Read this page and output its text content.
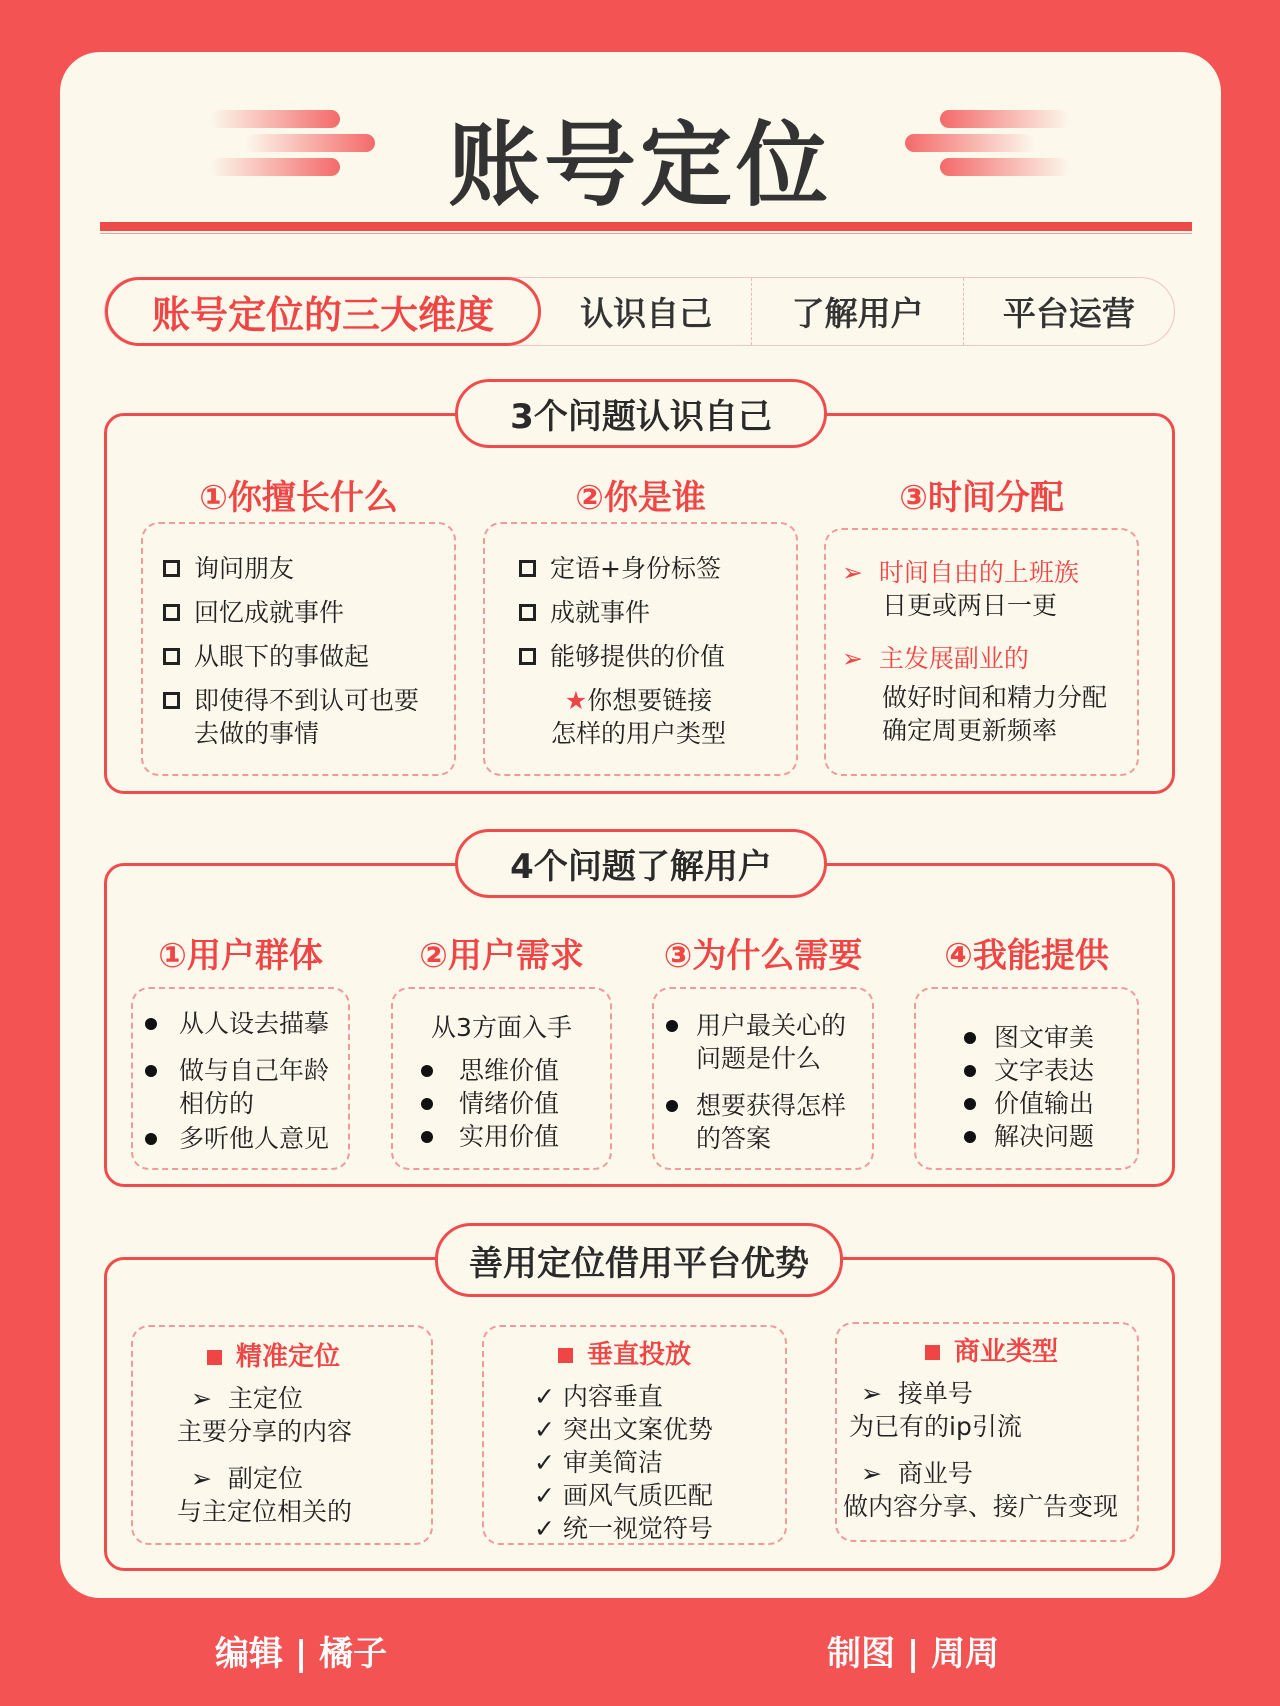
账号定位
账号定位的三大维度	认识自己	了解用户	平台运营
3个问题认识自己
①你擅长什么	②你是谁	③时间分配
询问朋友
回忆成就事件
从眼下的事做起
即使得不到认可也要去做的事情
定语+身份标签
成就事件
能够提供的价值
★你想要链接
怎样的用户类型
➢ 时间自由的上班族
日更或两日一更
➢ 主发展副业的
做好时间和精力分配
确定周更新频率
4个问题了解用户
①用户群体	②用户需求	③为什么需要	④我能提供
从人设去描摹
做与自己年龄相仿的
多听他人意见
从3方面入手
思维价值
情绪价值
实用价值
用户最关心的问题是什么
想要获得怎样的答案
图文审美
文字表达
价值输出
解决问题
善用定位借用平台优势
精准定位
➢ 主定位
主要分享的内容
➢ 副定位
与主定位相关的
垂直投放
✓ 内容垂直
✓ 突出文案优势
✓ 审美简洁
✓ 画风气质匹配
✓ 统一视觉符号
商业类型
➢ 接单号
为已有的ip引流
➢ 商业号
做内容分享、接广告变现
编辑 | 橘子	制图 | 周周
